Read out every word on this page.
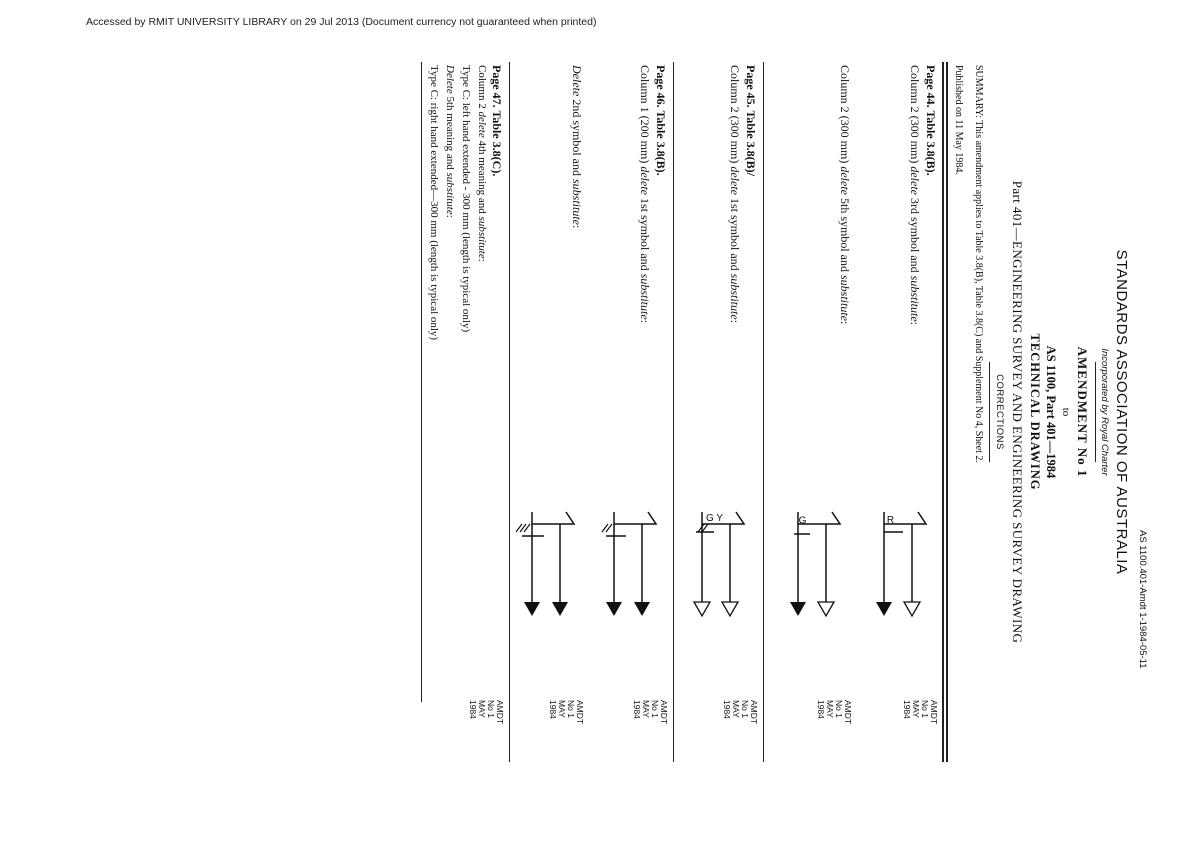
Accessed by RMIT UNIVERSITY LIBRARY on 29 Jul 2013 (Document currency not guaranteed when printed)
AS 1100.401-Amdt 1-1984-05-11
STANDARDS ASSOCIATION OF AUSTRALIA
Incorporated by Royal Charter
AMENDMENT No 1
to
AS 1100, Part 401—1984
TECHNICAL DRAWING
Part 401—ENGINEERING SURVEY AND ENGINEERING SURVEY DRAWING
CORRECTIONS
SUMMARY: This amendment applies to Table 3.8(B), Table 3.8(C) and Supplement No 4, Sheet 2.
Published on 11 May 1984.
Page 44. Table 3.8(B).
Column 2 (300 mm) delete 3rd symbol and substitute:
AMDT
No 1
MAY
1984
R
Column 2 (300 mm) delete 5th symbol and substitute:
AMDT
No 1
MAY
1984
G
Page 45. Table 3.8(B)/
Column 2 (300 mm) delete 1st symbol and substitute:
AMDT
No 1
MAY
1984
G Y
Page 46. Table 3.8(B).
Column 1 (200 mm) delete 1st symbol and substitute:
AMDT
No 1
MAY
1984
Delete 2nd symbol and substitute:
AMDT
No 1
MAY
1984
Page 47. Table 3.8(C).
Column 2 delete 4th meaning and substitute:
Type C: left hand extended - 300 mm (length is typical only)
Delete 5th meaning and substitute:
Type C: right hand extended—300 mm (length is typical only)
AMDT
No 1
MAY
1984
